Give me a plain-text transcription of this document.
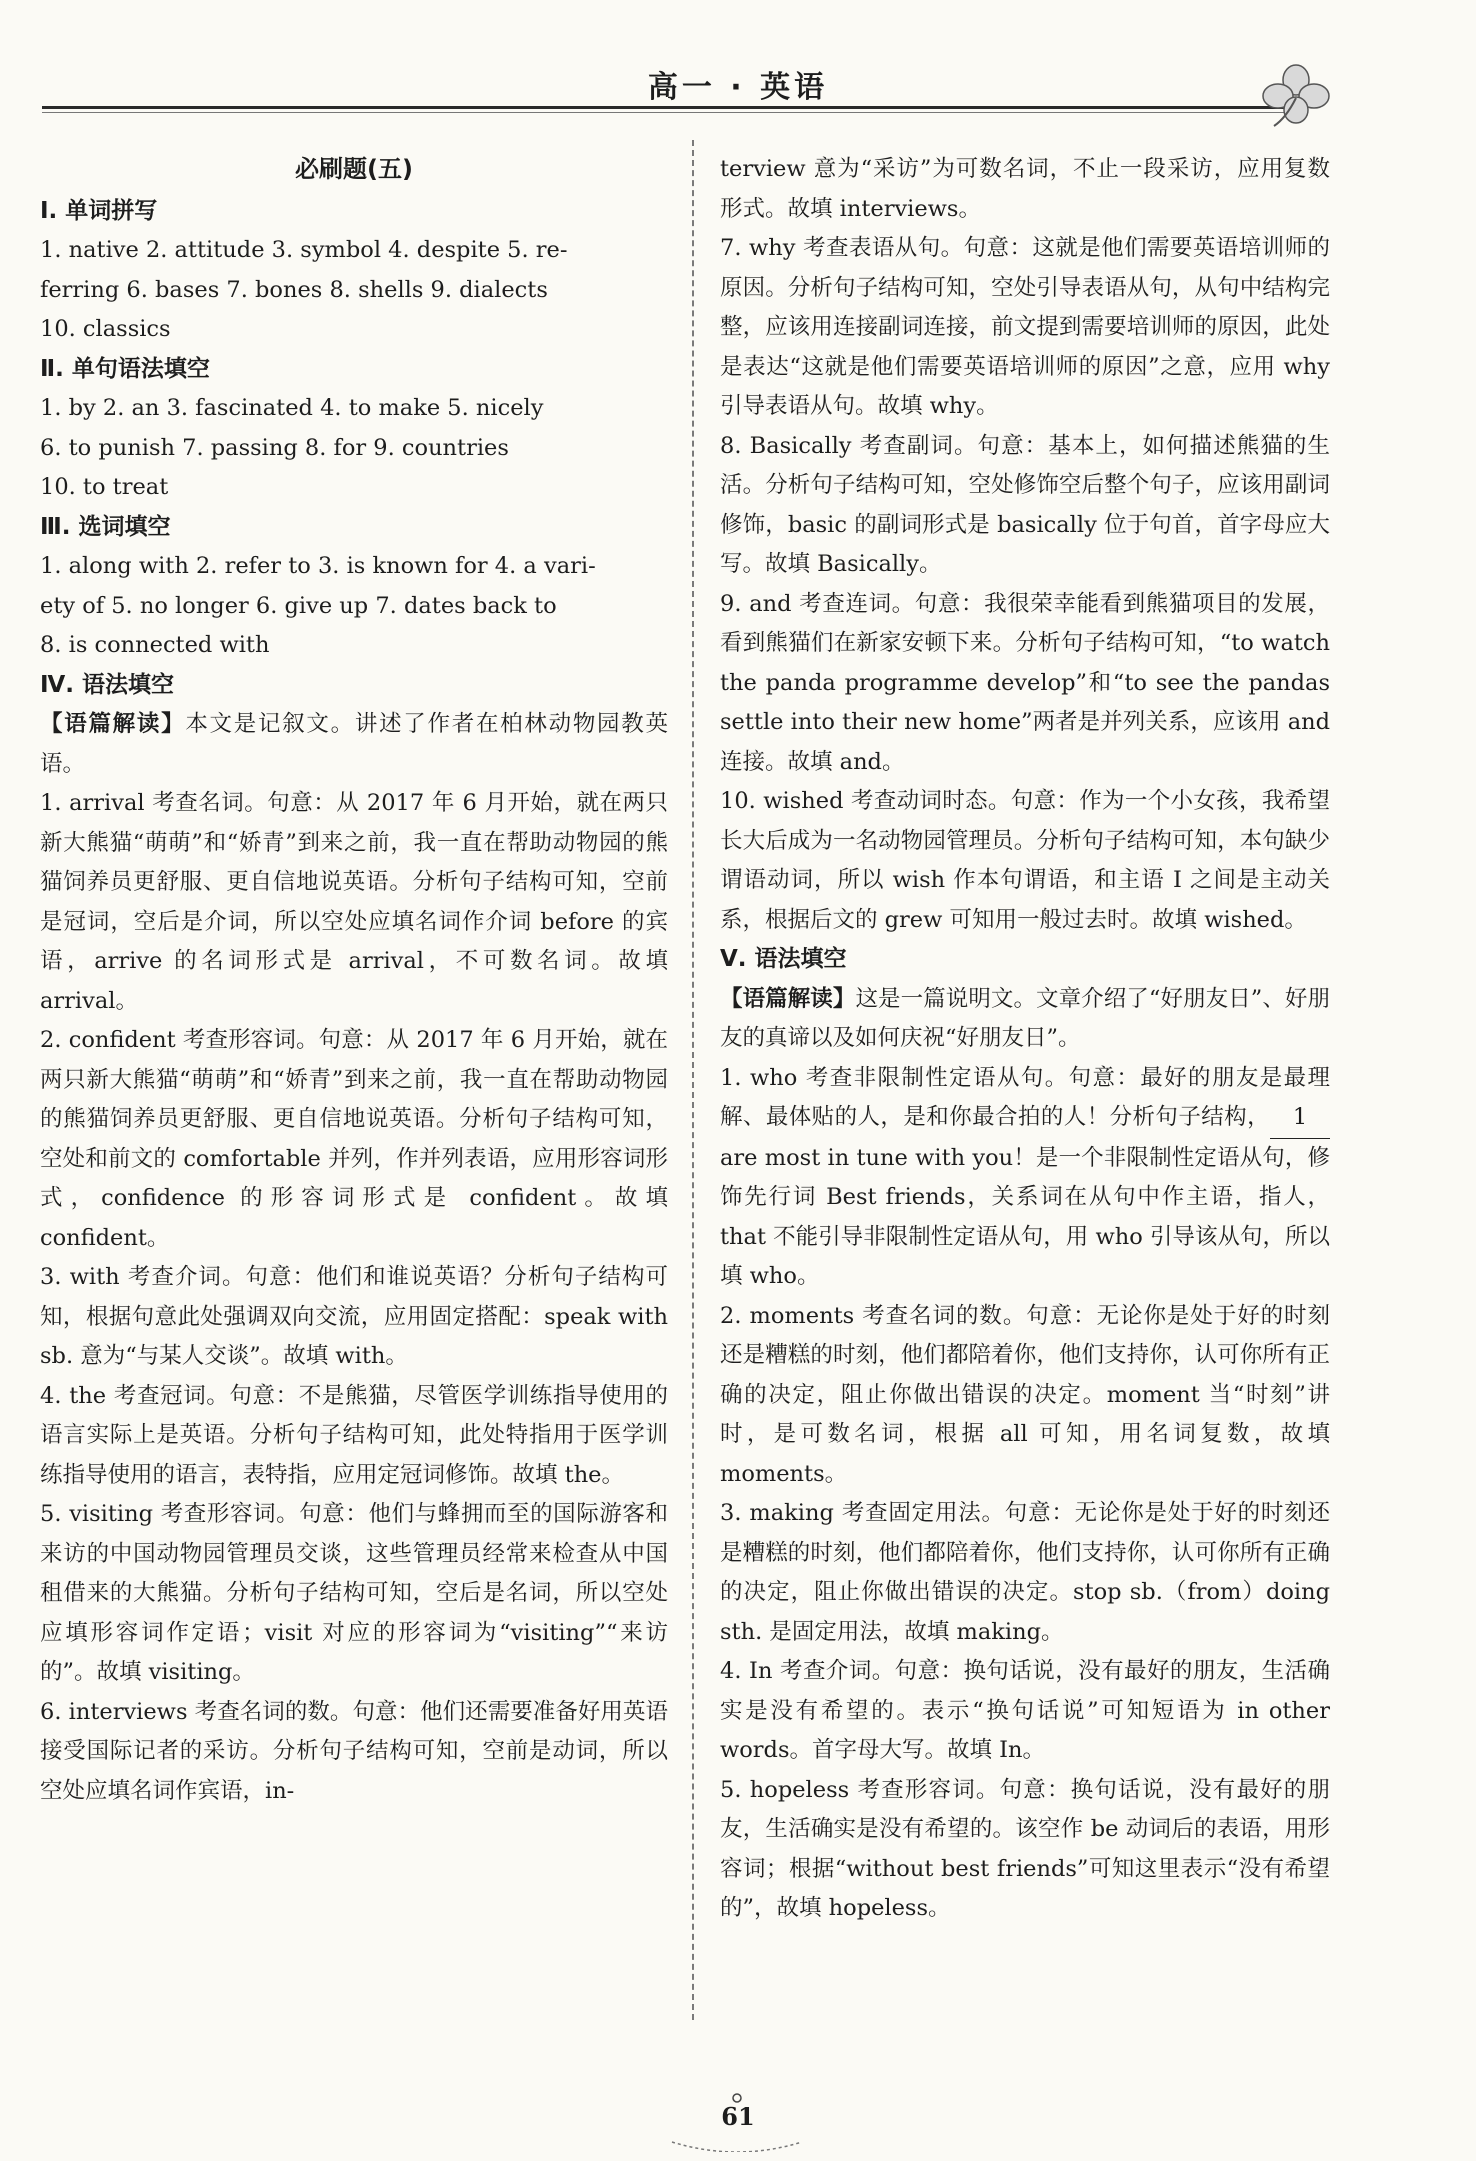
高一 · 英语

必刷题(五)

Ⅰ. 单词拼写

1. native 2. attitude 3. symbol 4. despite 5. re-

ferring 6. bases 7. bones 8. shells 9. dialects

10. classics

Ⅱ. 单句语法填空

1. by 2. an 3. fascinated 4. to make 5. nicely

6. to punish 7. passing 8. for 9. countries

10. to treat

Ⅲ. 选词填空

1. along with 2. refer to 3. is known for 4. a vari-

ety of 5. no longer 6. give up 7. dates back to

8. is connected with

Ⅳ. 语法填空

【语篇解读】本文是记叙文。讲述了作者在柏林动物园教英语。

1. arrival 考查名词。句意：从 2017 年 6 月开始，就在两只新大熊猫“萌萌”和“娇青”到来之前，我一直在帮助动物园的熊猫饲养员更舒服、更自信地说英语。分析句子结构可知，空前是冠词，空后是介词，所以空处应填名词作介词 before 的宾语，arrive 的名词形式是 arrival，不可数名词。故填 arrival。

2. confident 考查形容词。句意：从 2017 年 6 月开始，就在两只新大熊猫“萌萌”和“娇青”到来之前，我一直在帮助动物园的熊猫饲养员更舒服、更自信地说英语。分析句子结构可知，空处和前文的 comfortable 并列，作并列表语，应用形容词形式，confidence 的形容词形式是 confident。故填 confident。

3. with 考查介词。句意：他们和谁说英语？分析句子结构可知，根据句意此处强调双向交流，应用固定搭配：speak with sb. 意为“与某人交谈”。故填 with。

4. the 考查冠词。句意：不是熊猫，尽管医学训练指导使用的语言实际上是英语。分析句子结构可知，此处特指用于医学训练指导使用的语言，表特指，应用定冠词修饰。故填 the。

5. visiting 考查形容词。句意：他们与蜂拥而至的国际游客和来访的中国动物园管理员交谈，这些管理员经常来检查从中国租借来的大熊猫。分析句子结构可知，空后是名词，所以空处应填形容词作定语；visit 对应的形容词为“visiting”“来访的”。故填 visiting。

6. interviews 考查名词的数。句意：他们还需要准备好用英语接受国际记者的采访。分析句子结构可知，空前是动词，所以空处应填名词作宾语，in-

terview 意为“采访”为可数名词，不止一段采访，应用复数形式。故填 interviews。

7. why 考查表语从句。句意：这就是他们需要英语培训师的原因。分析句子结构可知，空处引导表语从句，从句中结构完整，应该用连接副词连接，前文提到需要培训师的原因，此处是表达“这就是他们需要英语培训师的原因”之意，应用 why 引导表语从句。故填 why。

8. Basically 考查副词。句意：基本上，如何描述熊猫的生活。分析句子结构可知，空处修饰空后整个句子，应该用副词修饰，basic 的副词形式是 basically 位于句首，首字母应大写。故填 Basically。

9. and 考查连词。句意：我很荣幸能看到熊猫项目的发展，看到熊猫们在新家安顿下来。分析句子结构可知，“to watch the panda programme develop”和“to see the pandas settle into their new home”两者是并列关系，应该用 and 连接。故填 and。

10. wished 考查动词时态。句意：作为一个小女孩，我希望长大后成为一名动物园管理员。分析句子结构可知，本句缺少谓语动词，所以 wish 作本句谓语，和主语 I 之间是主动关系，根据后文的 grew 可知用一般过去时。故填 wished。

Ⅴ. 语法填空

【语篇解读】这是一篇说明文。文章介绍了“好朋友日”、好朋友的真谛以及如何庆祝“好朋友日”。

1. who 考查非限制性定语从句。句意：最好的朋友是最理解、最体贴的人，是和你最合拍的人！分析句子结构， 1 are most in tune with you！是一个非限制性定语从句，修饰先行词 Best friends，关系词在从句中作主语，指人，that 不能引导非限制性定语从句，用 who 引导该从句，所以填 who。

2. moments 考查名词的数。句意：无论你是处于好的时刻还是糟糕的时刻，他们都陪着你，他们支持你，认可你所有正确的决定，阻止你做出错误的决定。moment 当“时刻”讲时，是可数名词，根据 all 可知，用名词复数，故填 moments。

3. making 考查固定用法。句意：无论你是处于好的时刻还是糟糕的时刻，他们都陪着你，他们支持你，认可你所有正确的决定，阻止你做出错误的决定。stop sb.（from）doing sth. 是固定用法，故填 making。

4. In 考查介词。句意：换句话说，没有最好的朋友，生活确实是没有希望的。表示“换句话说”可知短语为 in other words。首字母大写。故填 In。

5. hopeless 考查形容词。句意：换句话说，没有最好的朋友，生活确实是没有希望的。该空作 be 动词后的表语，用形容词；根据“without best friends”可知这里表示“没有希望的”，故填 hopeless。

61
